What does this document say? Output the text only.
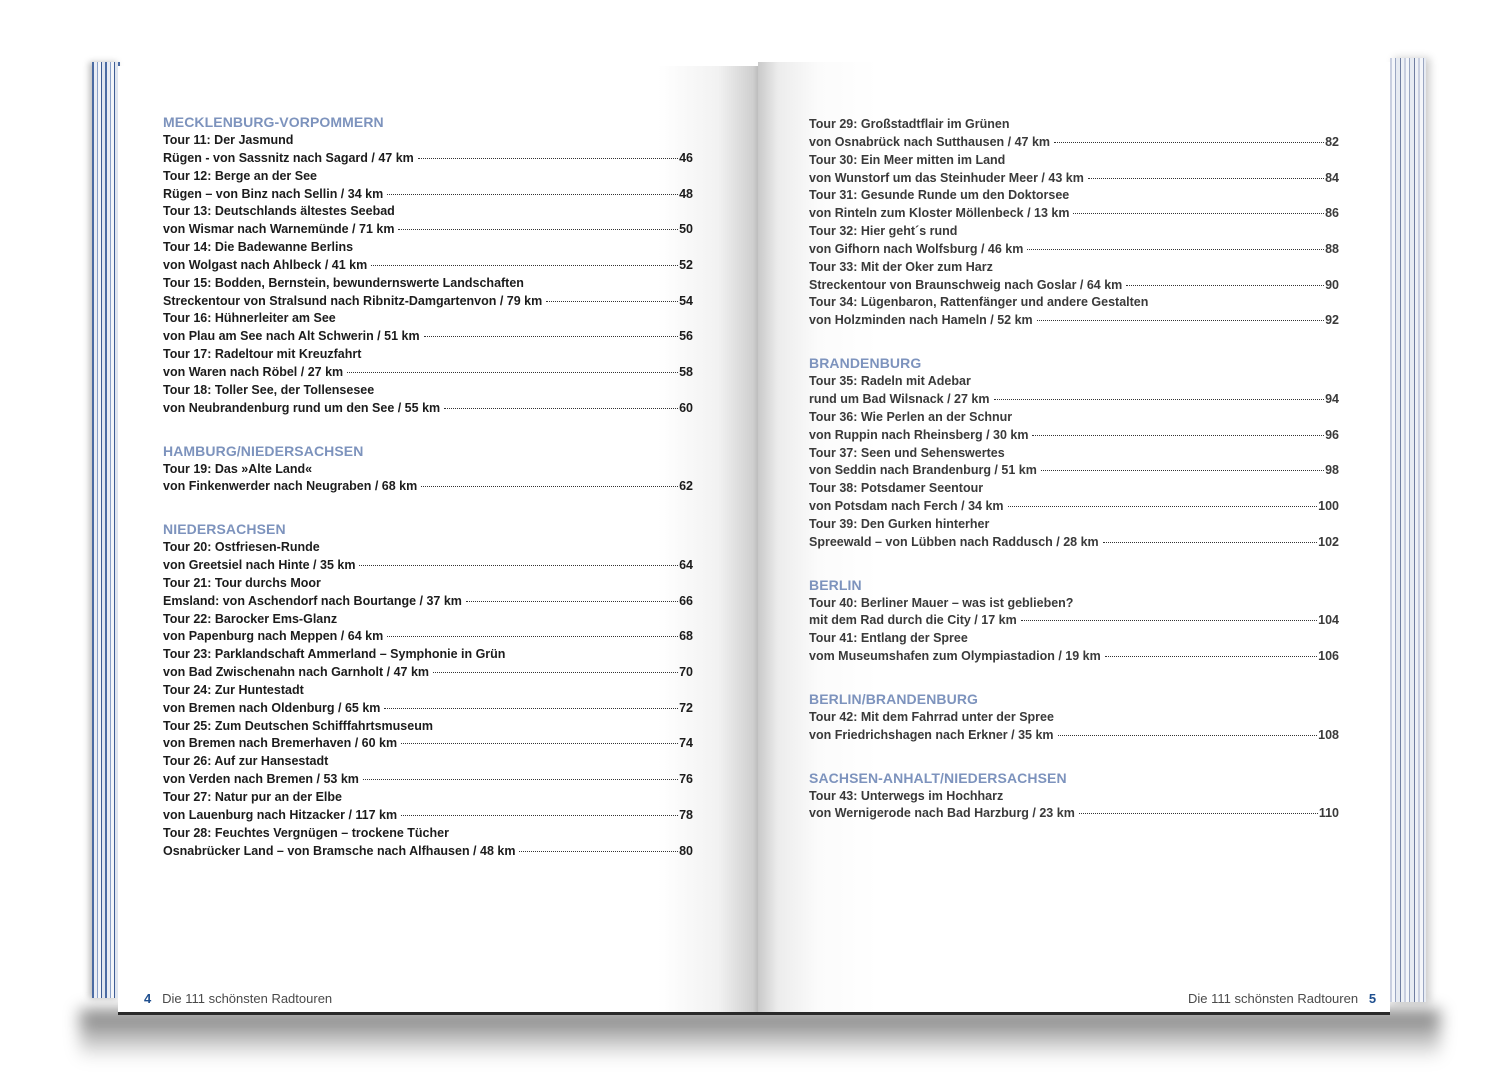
MECKLENBURG-VORPOMMERN
Tour 11: Der Jasmund
Rügen - von Sassnitz nach Sagard / 47 km	46
Tour 12: Berge an der See
Rügen – von Binz nach Sellin / 34 km	48
Tour 13: Deutschlands ältestes Seebad
von Wismar nach Warnemünde / 71 km	50
Tour 14: Die Badewanne Berlins
von Wolgast nach Ahlbeck / 41 km	52
Tour 15: Bodden, Bernstein, bewundernswerte Landschaften
Streckentour von Stralsund nach Ribnitz-Damgartenvon / 79 km	54
Tour 16: Hühnerleiter am See
von Plau am See nach Alt Schwerin / 51 km	56
Tour 17: Radeltour mit Kreuzfahrt
von Waren nach Röbel / 27 km	58
Tour 18: Toller See, der Tollensesee
von Neubrandenburg rund um den See / 55 km	60
HAMBURG/NIEDERSACHSEN
Tour 19: Das »Alte Land«
von Finkenwerder nach Neugraben / 68 km	62
NIEDERSACHSEN
Tour 20: Ostfriesen-Runde
von Greetsiel nach Hinte / 35 km	64
Tour 21: Tour durchs Moor
Emsland: von Aschendorf nach Bourtange / 37 km	66
Tour 22: Barocker Ems-Glanz
von Papenburg nach Meppen / 64 km	68
Tour 23: Parklandschaft Ammerland – Symphonie in Grün
von Bad Zwischenahn nach Garnholt / 47 km	70
Tour 24: Zur Huntestadt
von Bremen nach Oldenburg / 65 km	72
Tour 25: Zum Deutschen Schifffahrtsmuseum
von Bremen nach Bremerhaven / 60 km	74
Tour 26: Auf zur Hansestadt
von Verden nach Bremen / 53 km	76
Tour 27: Natur pur an der Elbe
von Lauenburg nach Hitzacker / 117 km	78
Tour 28: Feuchtes Vergnügen – trockene Tücher
Osnabrücker Land – von Bramsche nach Alfhausen / 48 km	80
Tour 29: Großstadtflair im Grünen
von Osnabrück nach Sutthausen / 47 km	82
Tour 30: Ein Meer mitten im Land
von Wunstorf um das Steinhuder Meer / 43 km	84
Tour 31: Gesunde Runde um den Doktorsee
von Rinteln zum Kloster Möllenbeck / 13 km	86
Tour 32: Hier geht´s rund
von Gifhorn nach Wolfsburg / 46 km	88
Tour 33: Mit der Oker zum Harz
Streckentour von Braunschweig nach Goslar / 64 km	90
Tour 34: Lügenbaron, Rattenfänger und andere Gestalten
von Holzminden nach Hameln / 52 km	92
BRANDENBURG
Tour 35: Radeln mit Adebar
rund um Bad Wilsnack / 27 km	94
Tour 36: Wie Perlen an der Schnur
von Ruppin nach Rheinsberg / 30 km	96
Tour 37: Seen und Sehenswertes
von Seddin nach Brandenburg / 51 km	98
Tour 38: Potsdamer Seentour
von Potsdam nach Ferch / 34 km	100
Tour 39: Den Gurken hinterher
Spreewald – von Lübben nach Raddusch / 28 km	102
BERLIN
Tour 40: Berliner Mauer – was ist geblieben?
mit dem Rad durch die City / 17 km	104
Tour 41: Entlang der Spree
vom Museumshafen zum Olympiastadion / 19 km	106
BERLIN/BRANDENBURG
Tour 42: Mit dem Fahrrad unter der Spree
von Friedrichshagen nach Erkner / 35 km	108
SACHSEN-ANHALT/NIEDERSACHSEN
Tour 43: Unterwegs im Hochharz
von Wernigerode nach Bad Harzburg / 23 km	110
4 Die 111 schönsten Radtouren	Die 111 schönsten Radtouren 5
